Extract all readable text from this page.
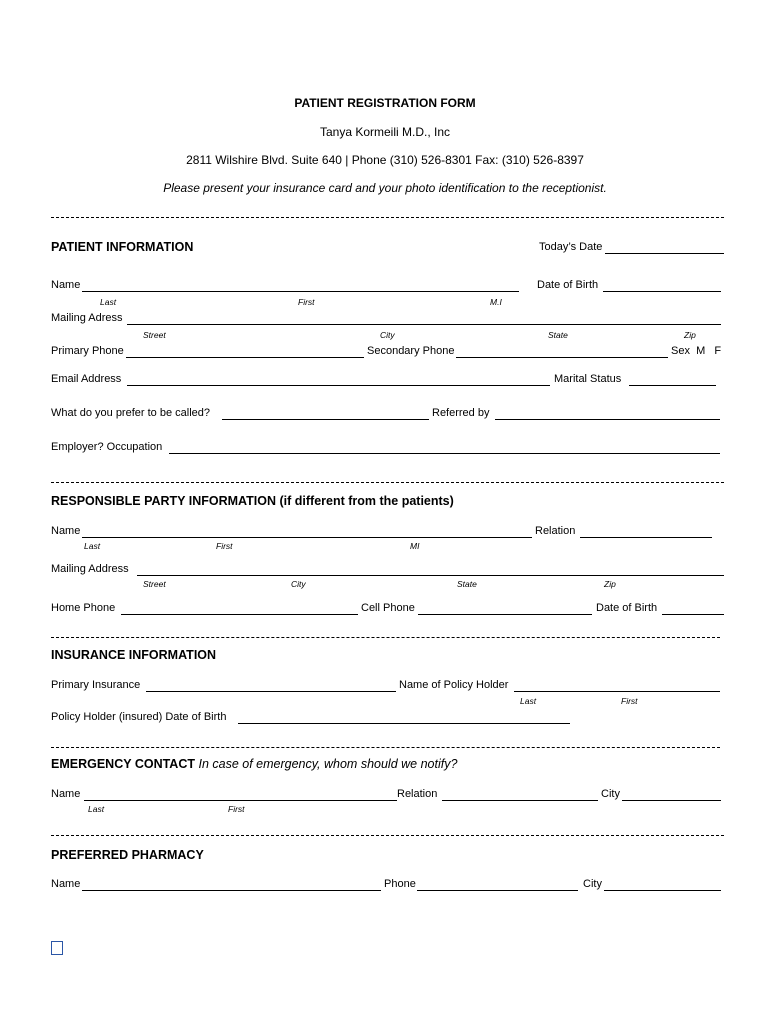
PATIENT REGISTRATION FORM
Tanya Kormeili M.D., Inc
2811 Wilshire Blvd. Suite 640 | Phone (310) 526-8301 Fax: (310) 526-8397
Please present your insurance card and your photo identification to the receptionist.
PATIENT INFORMATION	Today’s Date
Name	Date of Birth
Last	First	M.I
Mailing Adress
Street	City	State	Zip
Primary Phone	Secondary Phone	Sex  M   F
Email Address	Marital Status
What do you prefer to be called?	Referred by
Employer? Occupation
RESPONSIBLE PARTY INFORMATION (if different from the patients)
Name	Relation
Last	First	MI
Mailing Address
Street	City	State	Zip
Home Phone	Cell Phone	Date of Birth
INSURANCE INFORMATION
Primary Insurance	Name of Policy Holder
Last	First
Policy Holder (insured) Date of Birth
EMERGENCY CONTACT In case of emergency, whom should we notify?
Name	Relation	City
Last	First
PREFERRED PHARMACY
Name	Phone	City
